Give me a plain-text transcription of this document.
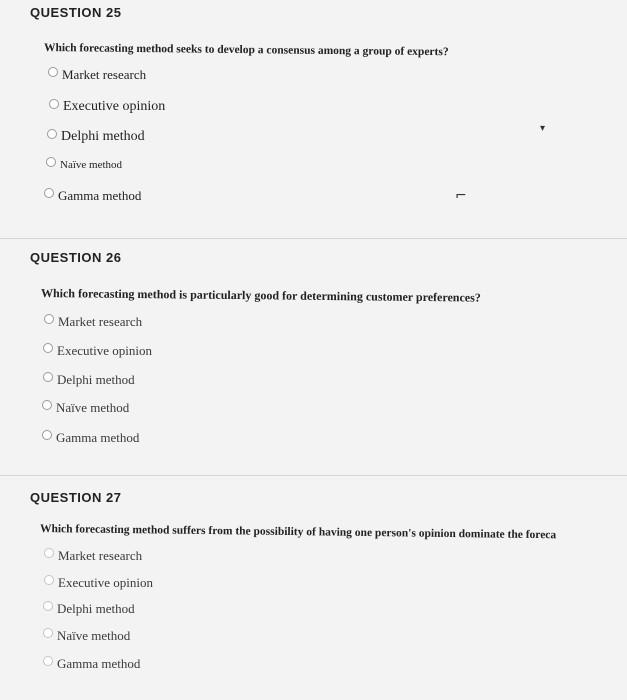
QUESTION 25
Which forecasting method seeks to develop a consensus among a group of experts?
Market research
Executive opinion
Delphi method
Naïve method
Gamma method
▾
⌐
QUESTION 26
Which forecasting method is particularly good for determining customer preferences?
Market research
Executive opinion
Delphi method
Naïve method
Gamma method
QUESTION 27
Which forecasting method suffers from the possibility of having one person's opinion dominate the foreca
Market research
Executive opinion
Delphi method
Naïve method
Gamma method
